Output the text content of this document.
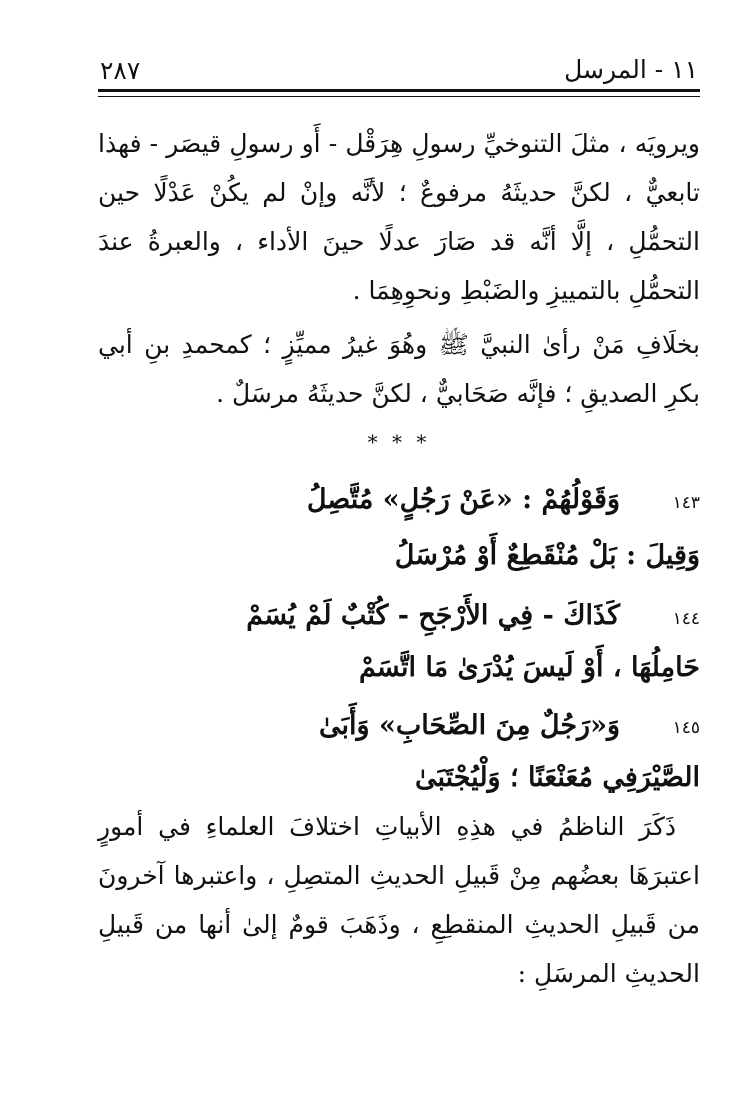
٢٨٧	١١ - المرسل

ويرويَه ، مثلَ التنوخيِّ رسولِ هِرَقْل - أَو رسولِ قيصَر - فهذا تابعيٌّ ، لكنَّ حديثَهُ مرفوعٌ ؛ لأنَّه وإنْ لم يكُنْ عَدْلًا حين التحمُّلِ ، إلَّا أنَّه قد صَارَ عدلًا حينَ الأداء ، والعبرةُ عندَ التحمُّلِ بالتمييزِ والضَبْطِ ونحوِهِمَا .

بخلَافِ مَنْ رأىٰ النبيَّ ﷺ وهُوَ غيرُ مميِّزٍ ؛ كمحمدِ بنِ أبي بكرِ الصديقِ ؛ فإنَّه صَحَابيٌّ ، لكنَّ حديثَهُ مرسَلٌ .

* * *
١٤٣
وَقَوْلُهُمْ : «عَنْ رَجُلٍ» مُتَّصِلُ
وَقِيلَ : بَلْ مُنْقَطِعٌ أَوْ مُرْسَلُ
١٤٤
كَذَاكَ - فِي الأَرْجَحِ - كُتْبٌ لَمْ يُسَمْ
حَامِلُهَا ، أَوْ لَيسَ يُدْرَىٰ مَا اتَّسَمْ
١٤٥
وَ«رَجُلٌ مِنَ الصِّحَابِ» وَأَبَىٰ
الصَّيْرَفِي مُعَنْعَنًا ؛ وَلْيُجْتَبَىٰ

ذَكَرَ الناظمُ في هذِهِ الأبياتِ اختلافَ العلماءِ في أمورٍ اعتبرَهَا بعضُهم مِنْ قَبيلِ الحديثِ المتصِلِ ، واعتبرها آخرونَ من قَبيلِ الحديثِ المنقطِعِ ، وذَهَبَ قومٌ إلىٰ أنها من قَبيلِ الحديثِ المرسَلِ :
